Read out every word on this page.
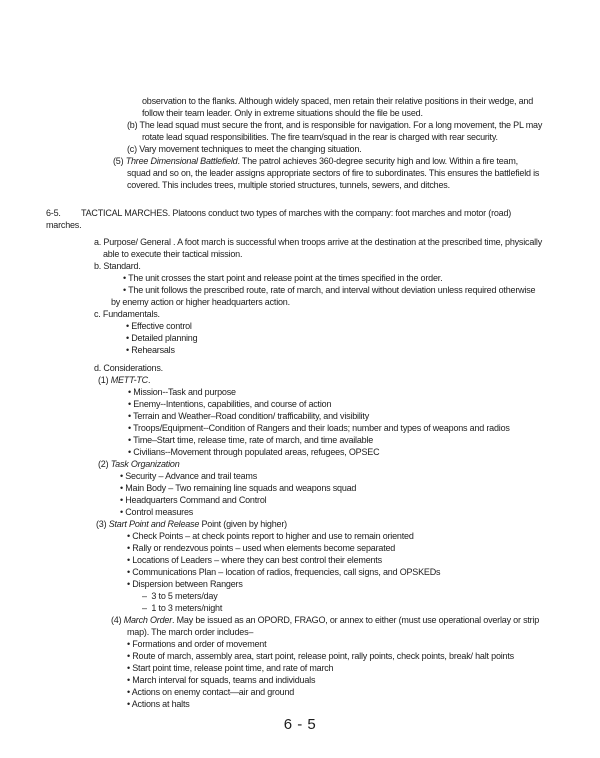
observation to the flanks. Although widely spaced, men retain their relative positions in their wedge, and
follow their team leader. Only in extreme situations should the file be used.
(b) The lead squad must secure the front, and is responsible for navigation. For a long movement, the PL may
rotate lead squad responsibilities. The fire team/squad in the rear is charged with rear security.
(c) Vary movement techniques to meet the changing situation.
(5) Three Dimensional Battlefield. The patrol achieves 360-degree security high and low. Within a fire team,
squad and so on, the leader assigns appropriate sectors of fire to subordinates. This ensures the battlefield is
covered. This includes trees, multiple storied structures, tunnels, sewers, and ditches.
6-5. TACTICAL MARCHES. Platoons conduct two types of marches with the company: foot marches and motor (road)
marches.
a. Purpose/ General . A foot march is successful when troops arrive at the destination at the prescribed time, physically
able to execute their tactical mission.
b. Standard.
• The unit crosses the start point and release point at the times specified in the order.
• The unit follows the prescribed route, rate of march, and interval without deviation unless required otherwise
by enemy action or higher headquarters action.
c. Fundamentals.
• Effective control
• Detailed planning
• Rehearsals
d. Considerations.
(1) METT-TC.
• Mission--Task and purpose
• Enemy--Intentions, capabilities, and course of action
• Terrain and Weather–Road condition/ trafficability, and visibility
• Troops/Equipment--Condition of Rangers and their loads; number and types of weapons and radios
• Time–Start time, release time, rate of march, and time available
• Civilians--Movement through populated areas, refugees, OPSEC
(2) Task Organization
• Security – Advance and trail teams
• Main Body – Two remaining line squads and weapons squad
• Headquarters Command and Control
• Control measures
(3) Start Point and Release Point (given by higher)
• Check Points – at check points report to higher and use to remain oriented
• Rally or rendezvous points – used when elements become separated
• Locations of Leaders – where they can best control their elements
• Communications Plan – location of radios, frequencies, call signs, and OPSKEDs
• Dispersion between Rangers
–  3 to 5 meters/day
–  1 to 3 meters/night
(4) March Order. May be issued as an OPORD, FRAGO, or annex to either (must use operational overlay or strip
map). The march order includes–
• Formations and order of movement
• Route of march, assembly area, start point, release point, rally points, check points, break/ halt points
• Start point time, release point time, and rate of march
• March interval for squads, teams and individuals
• Actions on enemy contact—air and ground
• Actions at halts
6 - 5
